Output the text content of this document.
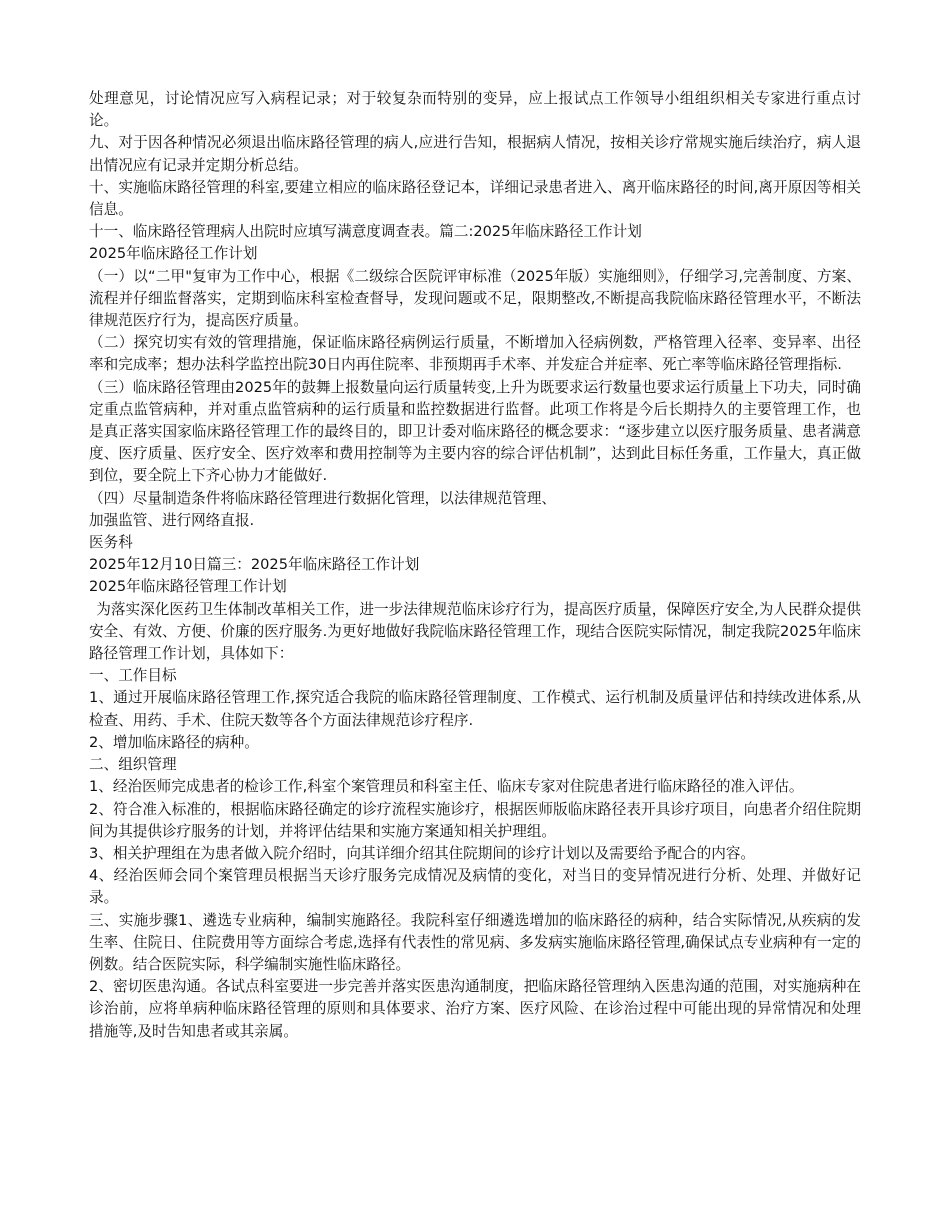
处理意见，讨论情况应写入病程记录；对于较复杂而特别的变异，应上报试点工作领导小组组织相关专家进行重点讨论。

九、对于因各种情况必须退出临床路径管理的病人,应进行告知，根据病人情况，按相关诊疗常规实施后续治疗，病人退出情况应有记录并定期分析总结。

十、实施临床路径管理的科室,要建立相应的临床路径登记本，详细记录患者进入、离开临床路径的时间,离开原因等相关信息。

十一、临床路径管理病人出院时应填写满意度调查表。篇二:2025年临床路径工作计划

2025年临床路径工作计划

（一）以“二甲"复审为工作中心，根据《二级综合医院评审标准（2025年版）实施细则》，仔细学习,完善制度、方案、流程并仔细监督落实，定期到临床科室检查督导，发现问题或不足，限期整改,不断提高我院临床路径管理水平，不断法律规范医疗行为，提高医疗质量。

（二）探究切实有效的管理措施，保证临床路径病例运行质量，不断增加入径病例数，严格管理入径率、变异率、出径率和完成率；想办法科学监控出院30日内再住院率、非预期再手术率、并发症合并症率、死亡率等临床路径管理指标.

（三）临床路径管理由2025年的鼓舞上报数量向运行质量转变,上升为既要求运行数量也要求运行质量上下功夫，同时确定重点监管病种，并对重点监管病种的运行质量和监控数据进行监督。此项工作将是今后长期持久的主要管理工作，也是真正落实国家临床路径管理工作的最终目的，即卫计委对临床路径的概念要求：“逐步建立以医疗服务质量、患者满意度、医疗质量、医疗安全、医疗效率和费用控制等为主要内容的综合评估机制”，达到此目标任务重，工作量大，真正做到位，要全院上下齐心协力才能做好.

（四）尽量制造条件将临床路径管理进行数据化管理，以法律规范管理、

加强监管、进行网络直报.

医务科

2025年12月10日篇三：2025年临床路径工作计划

2025年临床路径管理工作计划

为落实深化医药卫生体制改革相关工作，进一步法律规范临床诊疗行为，提高医疗质量，保障医疗安全,为人民群众提供安全、有效、方便、价廉的医疗服务.为更好地做好我院临床路径管理工作，现结合医院实际情况，制定我院2025年临床路径管理工作计划，具体如下：

一、工作目标

1、通过开展临床路径管理工作,探究适合我院的临床路径管理制度、工作模式、运行机制及质量评估和持续改进体系,从检查、用药、手术、住院天数等各个方面法律规范诊疗程序.

2、增加临床路径的病种。

二、组织管理

1、经治医师完成患者的检诊工作,科室个案管理员和科室主任、临床专家对住院患者进行临床路径的准入评估。

2、符合准入标准的，根据临床路径确定的诊疗流程实施诊疗，根据医师版临床路径表开具诊疗项目，向患者介绍住院期间为其提供诊疗服务的计划，并将评估结果和实施方案通知相关护理组。

3、相关护理组在为患者做入院介绍时，向其详细介绍其住院期间的诊疗计划以及需要给予配合的内容。

4、经治医师会同个案管理员根据当天诊疗服务完成情况及病情的变化，对当日的变异情况进行分析、处理、并做好记录。

三、实施步骤1、遴选专业病种，编制实施路径。我院科室仔细遴选增加的临床路径的病种，结合实际情况,从疾病的发生率、住院日、住院费用等方面综合考虑,选择有代表性的常见病、多发病实施临床路径管理,确保试点专业病种有一定的例数。结合医院实际，科学编制实施性临床路径。

2、密切医患沟通。各试点科室要进一步完善并落实医患沟通制度，把临床路径管理纳入医患沟通的范围，对实施病种在诊治前，应将单病种临床路径管理的原则和具体要求、治疗方案、医疗风险、在诊治过程中可能出现的异常情况和处理措施等,及时告知患者或其亲属。
